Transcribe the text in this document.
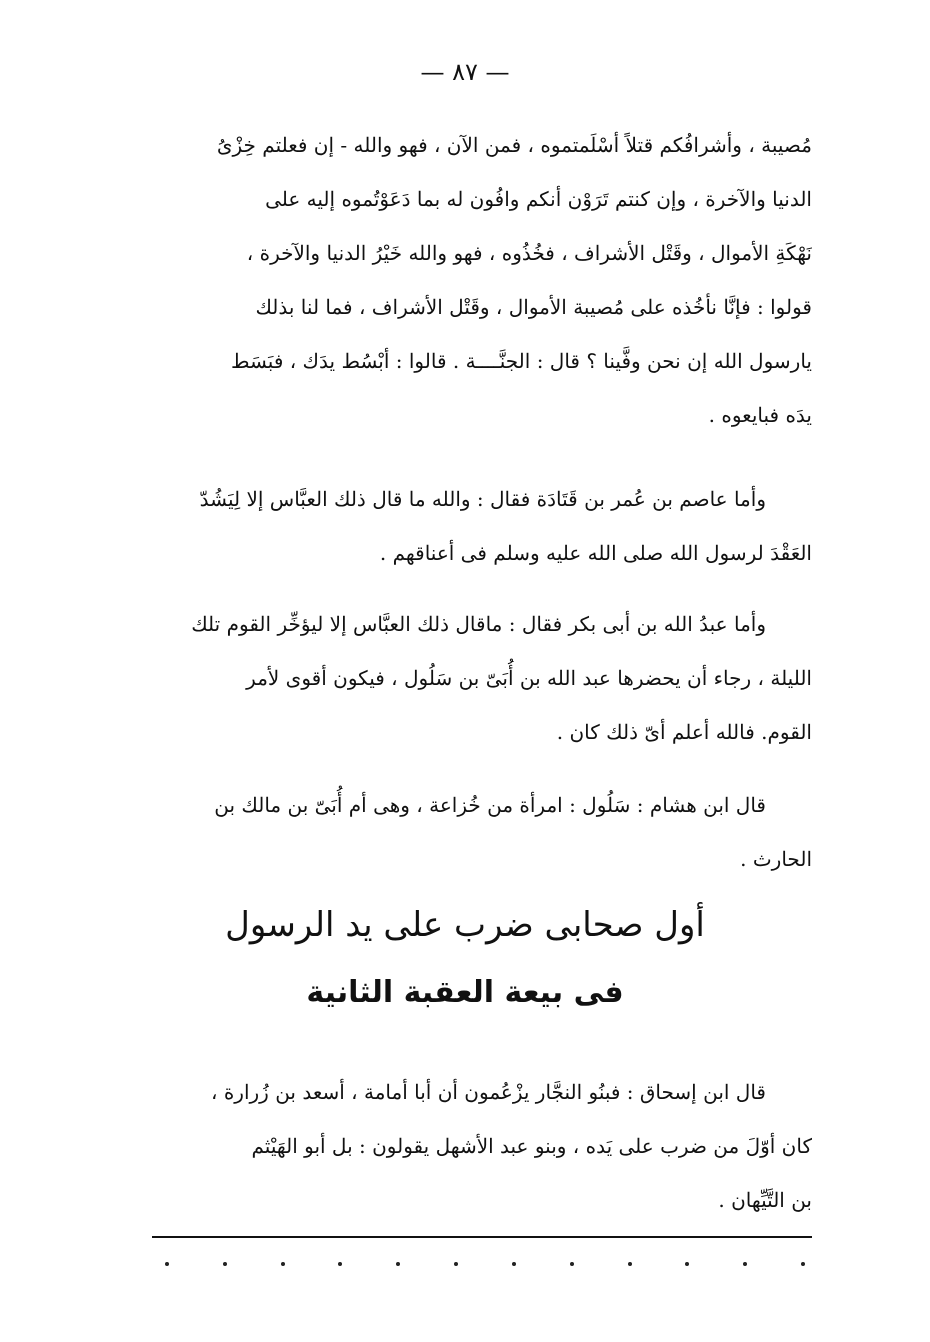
— ٨٧ —
مُصيبة ، وأشرافُكم قتلاً أسْلَمتموه ، فمن الآن ، فهو والله - إن فعلتم خِزْىُ
الدنيا والآخرة ، وإن كنتم تَرَوْن أنكم وافُون له بما دَعَوْتُموه إليه على
نَهْكَةِ الأموال ، وقَتْل الأشراف ، فخُذُوه ، فهو والله خَيْرُ الدنيا والآخرة ،
قولوا : فإنَّا نأخُذه على مُصيبة الأموال ، وقَتْل الأشراف ، فما لنا بذلك
يارسول الله إن نحن وفَّينا ؟ قال : الجنَّــــة . قالوا : أبْسُط يدَك ، فبَسَط
يدَه فبايعوه .
وأما عاصم بن عُمر بن قَتَادَة فقال : والله ما قال ذلك العبَّاس إلا لِيَشُدّ
العَقْدَ لرسول الله صلى الله عليه وسلم فى أعناقهم .
وأما عبدُ الله بن أبى بكر فقال : ماقال ذلك العبَّاس إلا ليؤخِّر القوم تلك
الليلة ، رجاء أن يحضرها عبد الله بن أُبَىّ بن سَلُول ، فيكون أقوى لأمر
القوم. فالله أعلم أىّ ذلك كان .
قال ابن هشام : سَلُول : امرأة من خُزاعة ، وهى أم أُبَىّ بن مالك بن
الحارث .
أول صحابى ضرب على يد الرسول
فى بيعة العقبة الثانية
قال ابن إسحاق : فبنُو النجَّار يزْعُمون أن أبا أمامة ، أسعد بن زُرارة ،
كان أوّلَ من ضرب على يَده ، وبنو عبد الأشهل يقولون : بل أبو الهَيْثم
بن التَّيِّهان .
